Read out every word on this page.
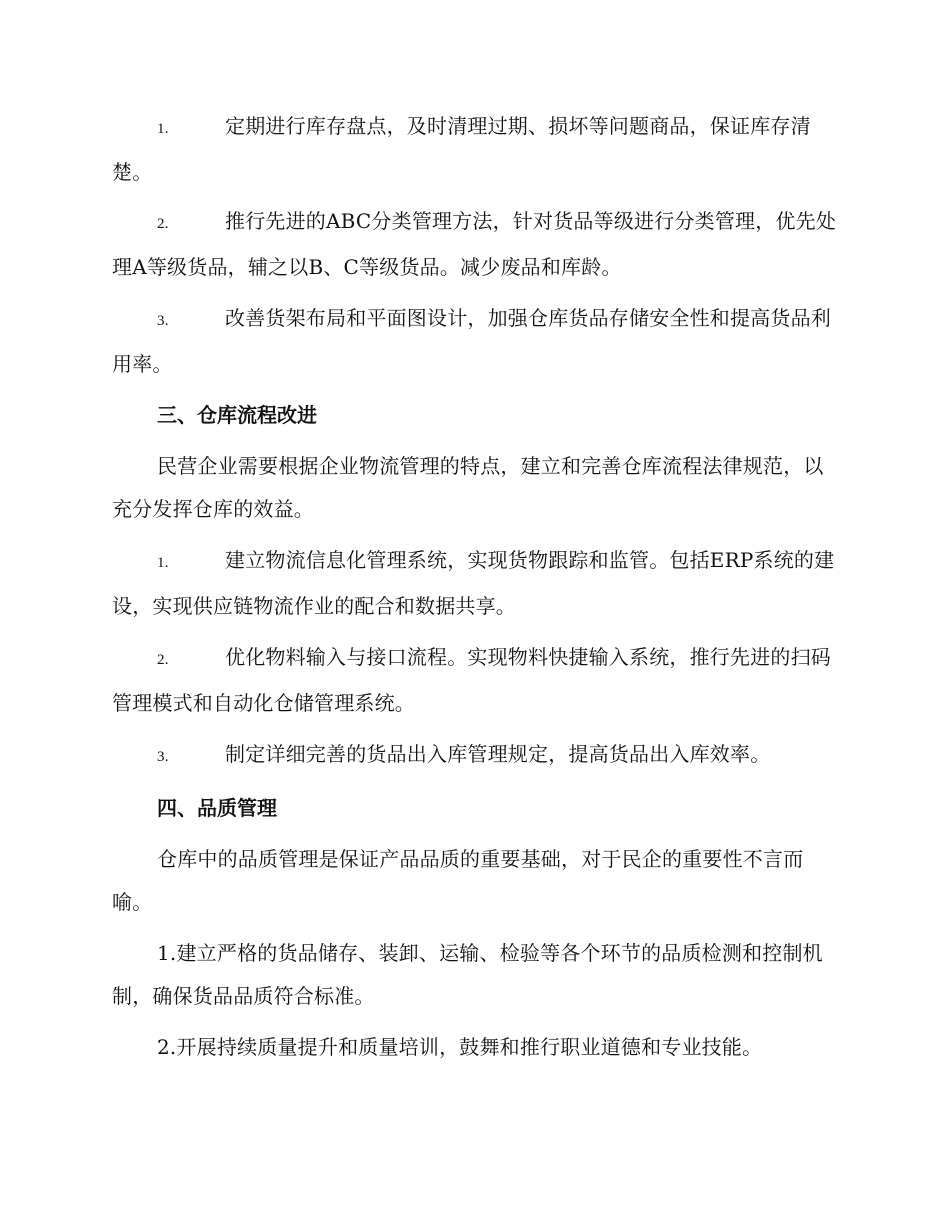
1.	定期进行库存盘点，及时清理过期、损坏等问题商品，保证库存清楚。

2.	推行先进的ABC分类管理方法，针对货品等级进行分类管理，优先处理A等级货品，辅之以B、C等级货品。减少废品和库龄。

3.	改善货架布局和平面图设计，加强仓库货品存储安全性和提高货品利用率。

三、仓库流程改进

民营企业需要根据企业物流管理的特点，建立和完善仓库流程法律规范，以充分发挥仓库的效益。

1.	建立物流信息化管理系统，实现货物跟踪和监管。包括ERP系统的建设，实现供应链物流作业的配合和数据共享。

2.	优化物料输入与接口流程。实现物料快捷输入系统，推行先进的扫码管理模式和自动化仓储管理系统。

3.	制定详细完善的货品出入库管理规定，提高货品出入库效率。

四、品质管理

仓库中的品质管理是保证产品品质的重要基础，对于民企的重要性不言而喻。

1.建立严格的货品储存、装卸、运输、检验等各个环节的品质检测和控制机制，确保货品品质符合标准。

2.开展持续质量提升和质量培训，鼓舞和推行职业道德和专业技能。
